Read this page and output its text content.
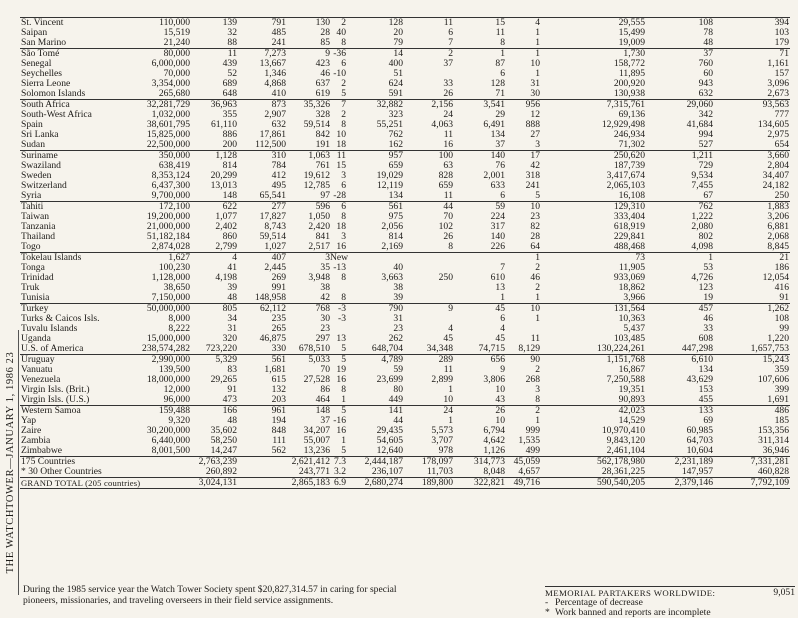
THE WATCHTOWER—JANUARY 1, 1986 23
St. Vincent	110,000	139	791	130	2	128	11	15	4	29,555	108	394
Saipan	15,519	32	485	28	40	20	6	11	1	15,499	78	103
San Marino	21,240	88	241	85	8	79	7	8	1	19,009	48	179
São Tomé	80,000	11	7,273	9	-36	14	2	1	1	1,730	37	71
Senegal	6,000,000	439	13,667	423	6	400	37	87	10	158,772	760	1,161
Seychelles	70,000	52	1,346	46	-10	51		6	1	11,895	60	157
Sierra Leone	3,354,000	689	4,868	637	2	624	33	128	31	200,920	943	3,096
Solomon Islands	265,680	648	410	619	5	591	26	71	30	130,938	632	2,673
South Africa	32,281,729	36,963	873	35,326	7	32,882	2,156	3,541	956	7,315,761	29,060	93,563
South-West Africa	1,032,000	355	2,907	328	2	323	24	29	12	69,136	342	777
Spain	38,601,795	61,110	632	59,514	8	55,251	4,063	6,491	888	12,929,498	41,684	134,605
Sri Lanka	15,825,000	886	17,861	842	10	762	11	134	27	246,934	994	2,975
Sudan	22,500,000	200	112,500	191	18	162	16	37	3	71,302	527	654
Suriname	350,000	1,128	310	1,063	11	957	100	140	17	250,620	1,211	3,660
Swaziland	638,419	814	784	761	15	659	63	76	42	187,739	729	2,804
Sweden	8,353,124	20,299	412	19,612	3	19,029	828	2,001	318	3,417,674	9,534	34,407
Switzerland	6,437,300	13,013	495	12,785	6	12,119	659	633	241	2,065,103	7,455	24,182
Syria	9,700,000	148	65,541	97	-28	134	11	6	5	16,108	67	250
Tahiti	172,100	622	277	596	6	561	44	59	10	129,310	762	1,883
Taiwan	19,200,000	1,077	17,827	1,050	8	975	70	224	23	333,404	1,222	3,206
Tanzania	21,000,000	2,402	8,743	2,420	18	2,056	102	317	82	618,919	2,080	6,881
Thailand	51,182,184	860	59,514	841	3	814	26	140	28	229,841	802	2,068
Togo	2,874,028	2,799	1,027	2,517	16	2,169	8	226	64	488,468	4,098	8,845
Tokelau Islands	1,627	4	407	3	New				1	73	1	21
Tonga	100,230	41	2,445	35	-13	40		7	2	11,905	53	186
Trinidad	1,128,000	4,198	269	3,948	8	3,663	250	610	46	933,069	4,726	12,054
Truk	38,650	39	991	38		38		13	2	18,862	123	416
Tunisia	7,150,000	48	148,958	42	8	39		1	1	3,966	19	91
Turkey	50,000,000	805	62,112	768	-3	790	9	45	10	131,564	457	1,262
Turks & Caicos Isls.	8,000	34	235	30	-3	31		6	1	10,363	46	108
Tuvalu Islands	8,222	31	265	23		23	4	4		5,437	33	99
Uganda	15,000,000	320	46,875	297	13	262	45	45	11	103,485	608	1,220
U.S. of America	238,574,282	723,220	330	678,510	5	648,704	34,348	74,715	8,129	130,224,261	447,298	1,657,753
Uruguay	2,990,000	5,329	561	5,033	5	4,789	289	656	90	1,151,768	6,610	15,243
Vanuatu	139,500	83	1,681	70	19	59	11	9	2	16,867	134	359
Venezuela	18,000,000	29,265	615	27,528	16	23,699	2,899	3,806	268	7,250,588	43,629	107,606
Virgin Isls. (Brit.)	12,000	91	132	86	8	80	1	10	3	19,351	153	399
Virgin Isls. (U.S.)	96,000	473	203	464	1	449	10	43	8	90,893	455	1,691
Western Samoa	159,488	166	961	148	5	141	24	26	2	42,023	133	486
Yap	9,320	48	194	37	-16	44	1	10	1	14,529	69	185
Zaire	30,200,000	35,602	848	34,207	16	29,435	5,573	6,794	999	10,970,410	60,985	153,356
Zambia	6,440,000	58,250	111	55,007	1	54,605	3,707	4,642	1,535	9,843,120	64,703	311,314
Zimbabwe	8,001,500	14,247	562	13,236	5	12,640	978	1,126	499	2,461,104	10,604	36,946
175 Countries		2,763,239		2,621,412	7.3	2,444,187	178,097	314,773	45,059	562,178,980	2,231,189	7,331,281
* 30 Other Countries		260,892		243,771	3.2	236,107	11,703	8,048	4,657	28,361,225	147,957	460,828
GRAND TOTAL (205 countries)		3,024,131		2,865,183	6.9	2,680,274	189,800	322,821	49,716	590,540,205	2,379,146	7,792,109
During the 1985 service year the Watch Tower Society spent $20,827,314.57 in caring for special pioneers, missionaries, and traveling overseers in their field service assignments.
MEMORIAL PARTAKERS WORLDWIDE:	9,051
- Percentage of decrease
* Work banned and reports are incomplete
